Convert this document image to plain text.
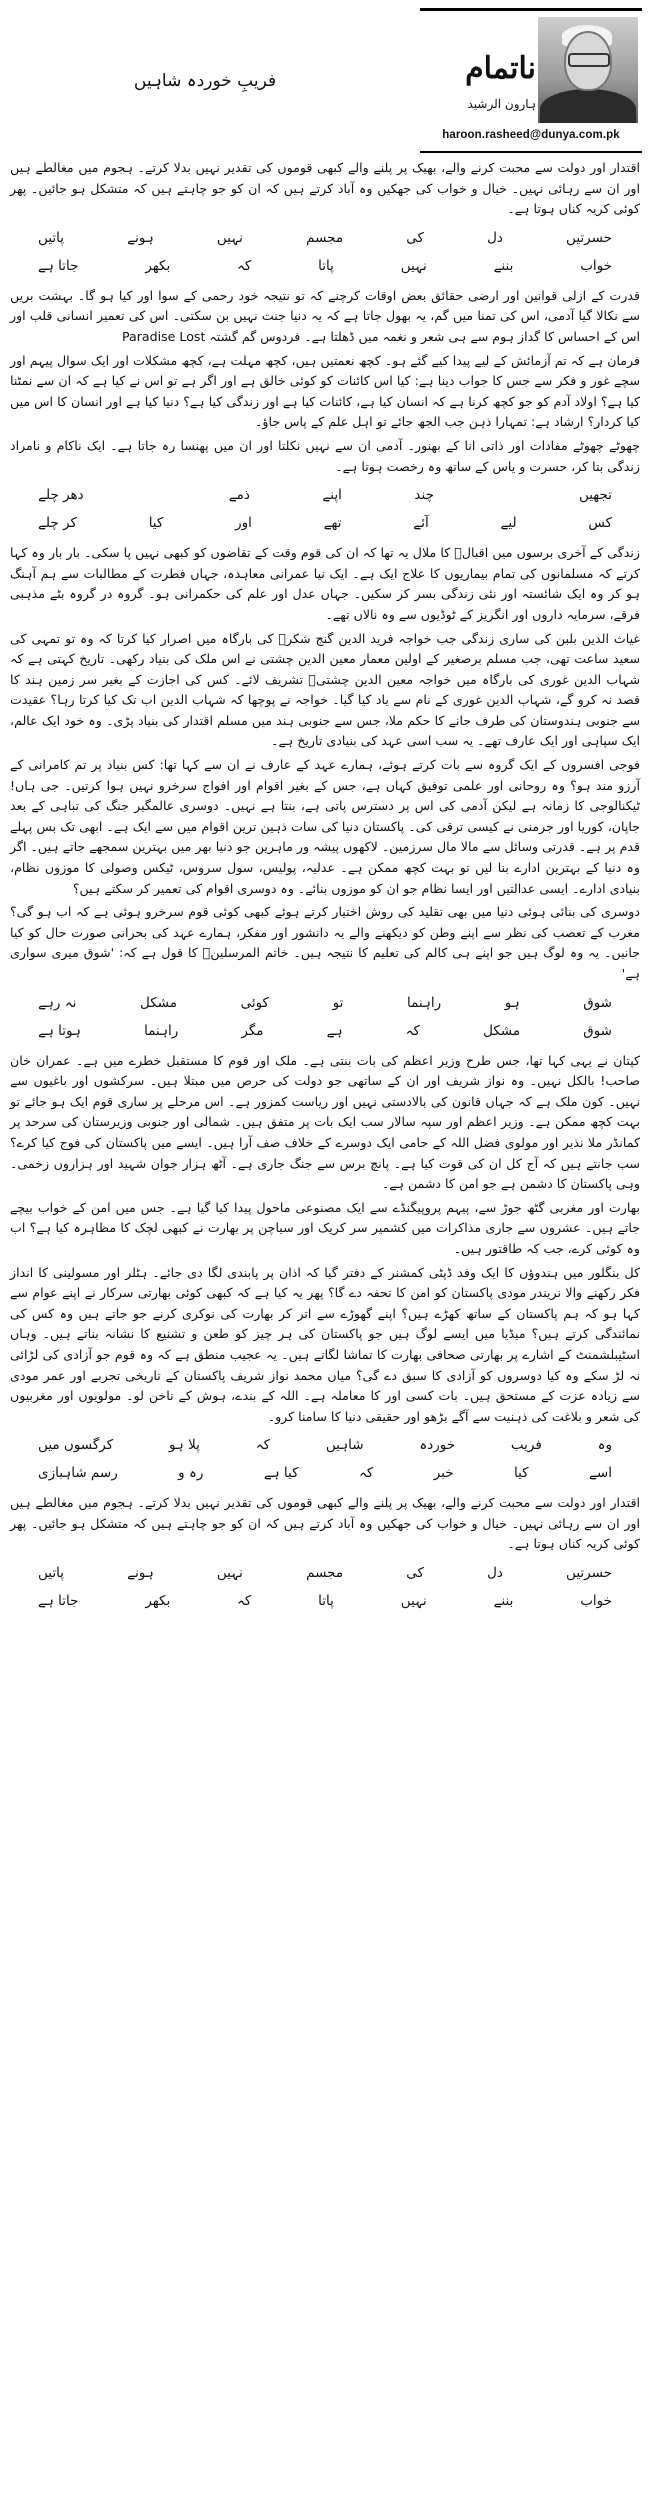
ناتمام
ہارون الرشید
haroon.rasheed@dunya.com.pk
فریبِ خوردہ شاہیں

اقتدار اور دولت سے محبت کرنے والے، بھیک پر پلنے والے کبھی قوموں کی تقدیر نہیں بدلا کرتے۔ ہجوم میں مغالطے ہیں اور ان سے رہائی نہیں۔ خیال و خواب کی جھکیں وہ آباد کرتے ہیں کہ ان کو جو چاہتے ہیں کہ متشکل ہو جائیں۔ پھر کوئی کریہ کناں ہوتا ہے۔

حسرتیں
دل
کی
مجسم
نہیں
ہونے
پاتیں
خواب
بننے
نہیں
پاتا
کہ
بکھر
جاتا ہے

قدرت کے ازلی قوانین اور ارضی حقائق بعض اوقات کرچنے کہ تو نتیجہ خود رحمی کے سوا اور کیا ہو گا۔ بہشت بریں سے نکالا گیا آدمی، اس کی تمنا میں گم، یہ بھول جاتا ہے کہ یہ دنیا جنت نہیں بن سکتی۔ اس کی تعمیر انسانی قلب اور اس کے احساس کا گداز ہوم سے ہی شعر و نغمہ میں ڈھلتا ہے۔ فردوس گم گشتہ Paradise Lost

فرمان ہے کہ تم آزمائش کے لیے پیدا کیے گئے ہو۔ کچھ نعمتیں ہیں، کچھ مہلت ہے، کچھ مشکلات اور ایک سوال پیہم اور سچے غور و فکر سے جس کا جواب دینا ہے: کیا اس کائنات کو کوئی خالق ہے اور اگر ہے تو اس نے کیا ہے کہ ان سے نمٹنا کیا ہے؟ اولاد آدم کو جو کچھ کرنا ہے کہ انسان کیا ہے، کائنات کیا ہے اور زندگی کیا ہے؟ دنیا کیا ہے اور انسان کا اس میں کیا کردار؟ ارشاد ہے: تمہارا ذہن جب الجھ جائے تو اہل علم کے پاس جاؤ۔

چھوٹے چھوٹے مفادات اور ذاتی انا کے بھنور۔ آدمی ان سے نہیں نکلتا اور ان میں پھنسا رہ جاتا ہے۔ ایک ناکام و نامراد زندگی بتا کر، حسرت و یاس کے ساتھ وہ رخصت ہوتا ہے۔

تجھیں
چند
اپنے
ذمے
دھر چلے
کس
لیے
آئے
تھے
اور
کیا
کر چلے

زندگی کے آخری برسوں میں اقبالؔ کا ملال یہ تھا کہ ان کی قوم وقت کے تقاضوں کو کبھی نہیں پا سکی۔ بار بار وہ کہا کرتے کہ مسلمانوں کی تمام بیماریوں کا علاج ایک ہے۔ ایک نیا عمرانی معاہدہ، جہاں فطرت کے مطالبات سے ہم آہنگ ہو کر وہ ایک شائستہ اور نئی زندگی بسر کر سکیں۔ جہاں عدل اور علم کی حکمرانی ہو۔ گروہ در گروہ بٹے مذہبی فرقے، سرمایہ داروں اور انگریز کے ٹوڈیوں سے وہ نالاں تھے۔

غیاث الدین بلبن کی ساری زندگی جب خواجہ فرید الدین گنج شکرؒ کی بارگاہ میں اصرار کیا کرتا کہ وہ تو تمہی کی سعید ساعت تھی، جب مسلم برصغیر کے اولین معمار معین الدین چشتی نے اس ملک کی بنیاد رکھی۔ تاریخ کہتی ہے کہ شہاب الدین غوری کی بارگاہ میں خواجہ معین الدین چشتیؒ تشریف لائے۔ کس کی اجازت کے بغیر سر زمین ہند کا قصد نہ کرو گے، شہاب الدین غوری کے نام سے یاد کیا گیا۔ خواجہ نے پوچھا کہ شہاب الدین اب تک کیا کرتا رہا؟ عقیدت سے جنوبی ہندوستان کی طرف جانے کا حکم ملا، جس سے جنوبی ہند میں مسلم اقتدار کی بنیاد پڑی۔ وہ خود ایک عالم، ایک سپاہی اور ایک عارف تھے۔ یہ سب اسی عہد کی بنیادی تاریخ ہے۔

فوجی افسروں کے ایک گروہ سے بات کرتے ہوئے، ہمارے عہد کے عارف نے ان سے کہا تھا: کس بنیاد پر تم کامرانی کے آرزو مند ہو؟ وہ روحانی اور علمی توفیق کہاں ہے، جس کے بغیر اقوام اور افواج سرخرو نہیں ہوا کرتیں۔ جی ہاں! ٹیکنالوجی کا زمانہ ہے لیکن آدمی کی اس پر دسترس پاتی ہے، بنتا ہے نہیں۔ دوسری عالمگیر جنگ کی تباہی کے بعد جاپان، کوریا اور جرمنی نے کیسی ترقی کی۔ پاکستان دنیا کی سات ذہین ترین اقوام میں سے ایک ہے۔ ابھی تک بس پہلے قدم پر ہے۔ قدرتی وسائل سے مالا مال سرزمین۔ لاکھوں پیشہ ور ماہرین جو دنیا بھر میں بہترین سمجھے جاتے ہیں۔ اگر وہ دنیا کے بہترین ادارے بنا لیں تو بہت کچھ ممکن ہے۔ عدلیہ، پولیس، سول سروس، ٹیکس وصولی کا موزوں نظام، بنیادی ادارے۔ ایسی عدالتیں اور ایسا نظام جو ان کو موزوں بنائے۔ وہ دوسری اقوام کی تعمیر کر سکتے ہیں؟

دوسری کی بنائی ہوئی دنیا میں بھی تقلید کی روش اختیار کرتے ہوئے کبھی کوئی قوم سرخرو ہوئی ہے کہ اب ہو گی؟ مغرب کے تعصب کی نظر سے اپنے وطن کو دیکھنے والے یہ دانشور اور مفکر، ہمارے عہد کی بحرانی صورت حال کو کیا جانیں۔ یہ وہ لوگ ہیں جو اپنے ہی کالم کی تعلیم کا نتیجہ ہیں۔ خاتم المرسلینؐ کا قول ہے کہ: 'شوق میری سواری ہے'

شوق
ہو
راہنما
تو
کوئی
مشکل
نہ رہے
شوق
مشکل
کہ
ہے
مگر
راہنما
ہوتا ہے

کپتان نے یہی کہا تھا، جس طرح وزیر اعظم کی بات بنتی ہے۔ ملک اور قوم کا مستقبل خطرے میں ہے۔ عمران خان صاحب! بالکل نہیں۔ وہ نواز شریف اور ان کے ساتھی جو دولت کی حرص میں مبتلا ہیں۔ سرکشوں اور باغیوں سے نہیں۔ کون ملک ہے کہ جہاں قانون کی بالادستی نہیں اور ریاست کمزور ہے۔ اس مرحلے پر ساری قوم ایک ہو جائے تو بہت کچھ ممکن ہے۔ وزیر اعظم اور سپہ سالار سب ایک بات پر متفق ہیں۔ شمالی اور جنوبی وزیرستان کی سرحد پر کمانڈر ملا نذیر اور مولوی فضل اللہ کے حامی ایک دوسرے کے خلاف صف آرا ہیں۔ ایسے میں پاکستان کی فوج کیا کرے؟ سب جانتے ہیں کہ آج کل ان کی قوت کیا ہے۔ پانچ برس سے جنگ جاری ہے۔ آٹھ ہزار جوان شہید اور ہزاروں زخمی۔ وہی پاکستان کا دشمن ہے جو امن کا دشمن ہے۔

بھارت اور مغربی گٹھ جوڑ سے، پیہم پروپیگنڈے سے ایک مصنوعی ماحول پیدا کیا گیا ہے۔ جس میں امن کے خواب بیچے جاتے ہیں۔ عشروں سے جاری مذاکرات میں کشمیر سر کریک اور سیاچن پر بھارت نے کبھی لچک کا مظاہرہ کیا ہے؟ اب وہ کوئی کرے، جب کہ طاقتور ہیں۔

کل بنگلور میں ہندوؤں کا ایک وفد ڈپٹی کمشنر کے دفتر گیا کہ اذان پر پابندی لگا دی جائے۔ ہٹلر اور مسولینی کا انداز فکر رکھنے والا نریندر مودی پاکستان کو امن کا تحفہ دے گا؟ پھر یہ کیا ہے کہ کبھی کوئی بھارتی سرکار نے اپنے عوام سے کہا ہو کہ ہم پاکستان کے ساتھ کھڑے ہیں؟ اپنے گھوڑے سے اتر کر بھارت کی نوکری کرنے جو جاتے ہیں وہ کس کی نمائندگی کرتے ہیں؟ میڈیا میں ایسے لوگ ہیں جو پاکستان کی ہر چیز کو طعن و تشنیع کا نشانہ بناتے ہیں۔ وہاں اسٹیبلشمنٹ کے اشارے پر بھارتی صحافی بھارت کا تماشا لگاتے ہیں۔ یہ عجیب منطق ہے کہ وہ قوم جو آزادی کی لڑائی نہ لڑ سکے وہ کیا دوسروں کو آزادی کا سبق دے گی؟ میاں محمد نواز شریف پاکستان کے تاریخی تجربے اور عمر مودی سے زیادہ عزت کے مستحق ہیں۔ بات کسی اور کا معاملہ ہے۔ اللہ کے بندے، ہوش کے ناخن لو۔ مولویوں اور مغربیوں کی شعر و بلاغت کی ذہنیت سے آگے بڑھو اور حقیقی دنیا کا سامنا کرو۔

وہ
فریب
خوردہ
شاہیں
کہ
پلا ہو
کرگسوں میں
اسے
کیا
خبر
کہ
کیا ہے
رہ و
رسم شاہبازی

اقتدار اور دولت سے محبت کرنے والے، بھیک پر پلنے والے کبھی قوموں کی تقدیر نہیں بدلا کرتے۔ ہجوم میں مغالطے ہیں اور ان سے رہائی نہیں۔ خیال و خواب کی جھکیں وہ آباد کرتے ہیں کہ ان کو جو چاہتے ہیں کہ متشکل ہو جائیں۔ پھر کوئی کریہ کناں ہوتا ہے۔

حسرتیں
دل
کی
مجسم
نہیں
ہونے
پاتیں
خواب
بننے
نہیں
پاتا
کہ
بکھر
جاتا ہے
